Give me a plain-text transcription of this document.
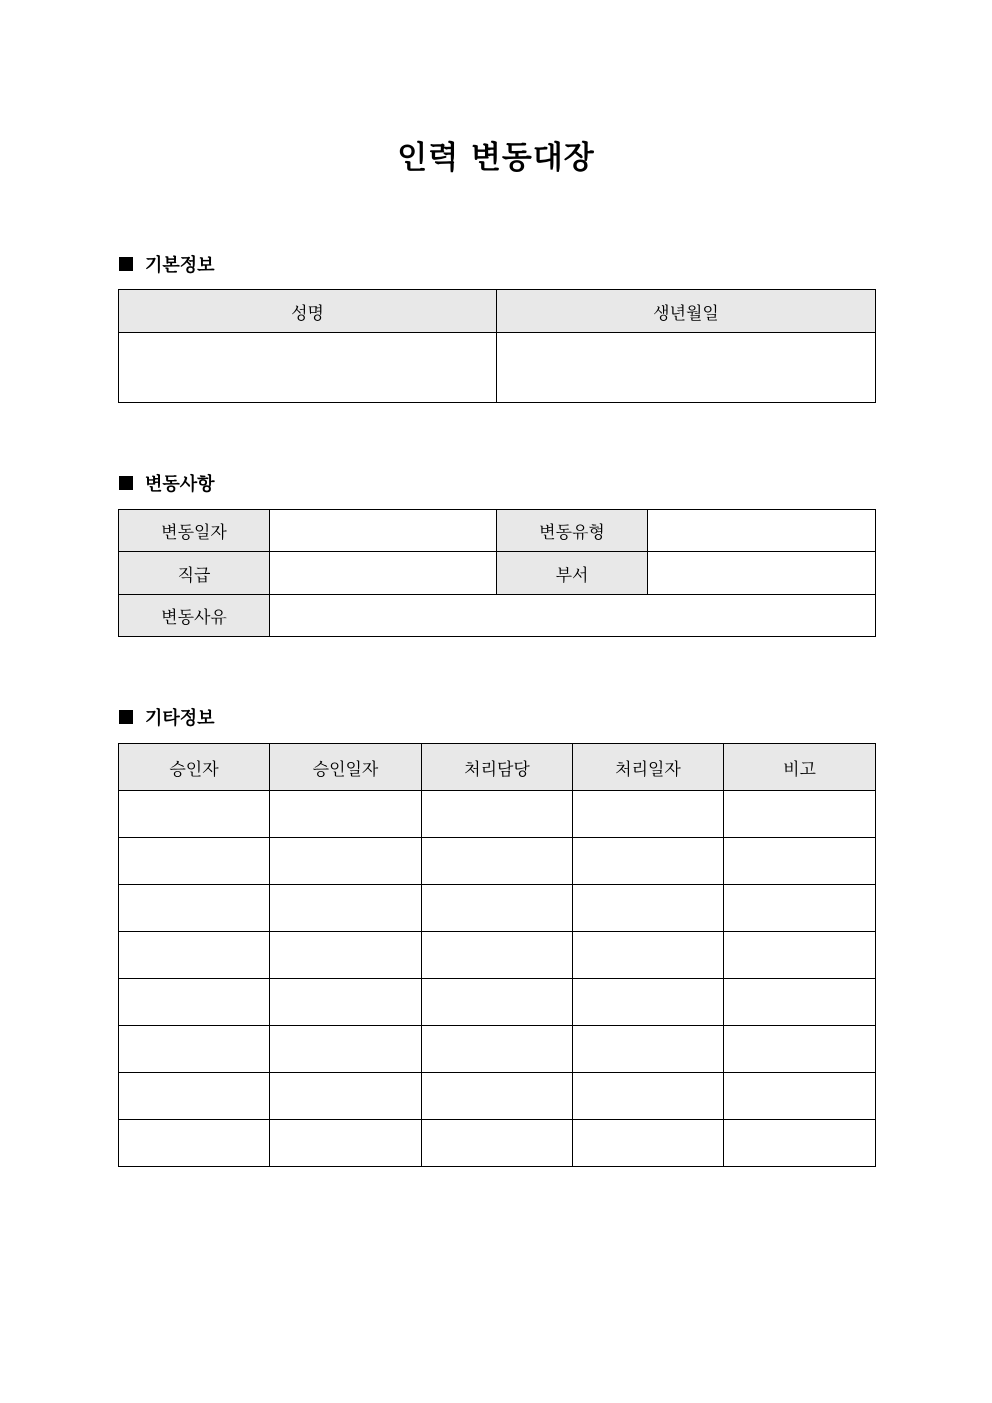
인력 변동대장
기본정보
성명	생년월일

변동사항
변동일자		변동유형	
직급		부서	
변동사유			
기타정보
승인자	승인일자	처리담당	처리일자	비고
